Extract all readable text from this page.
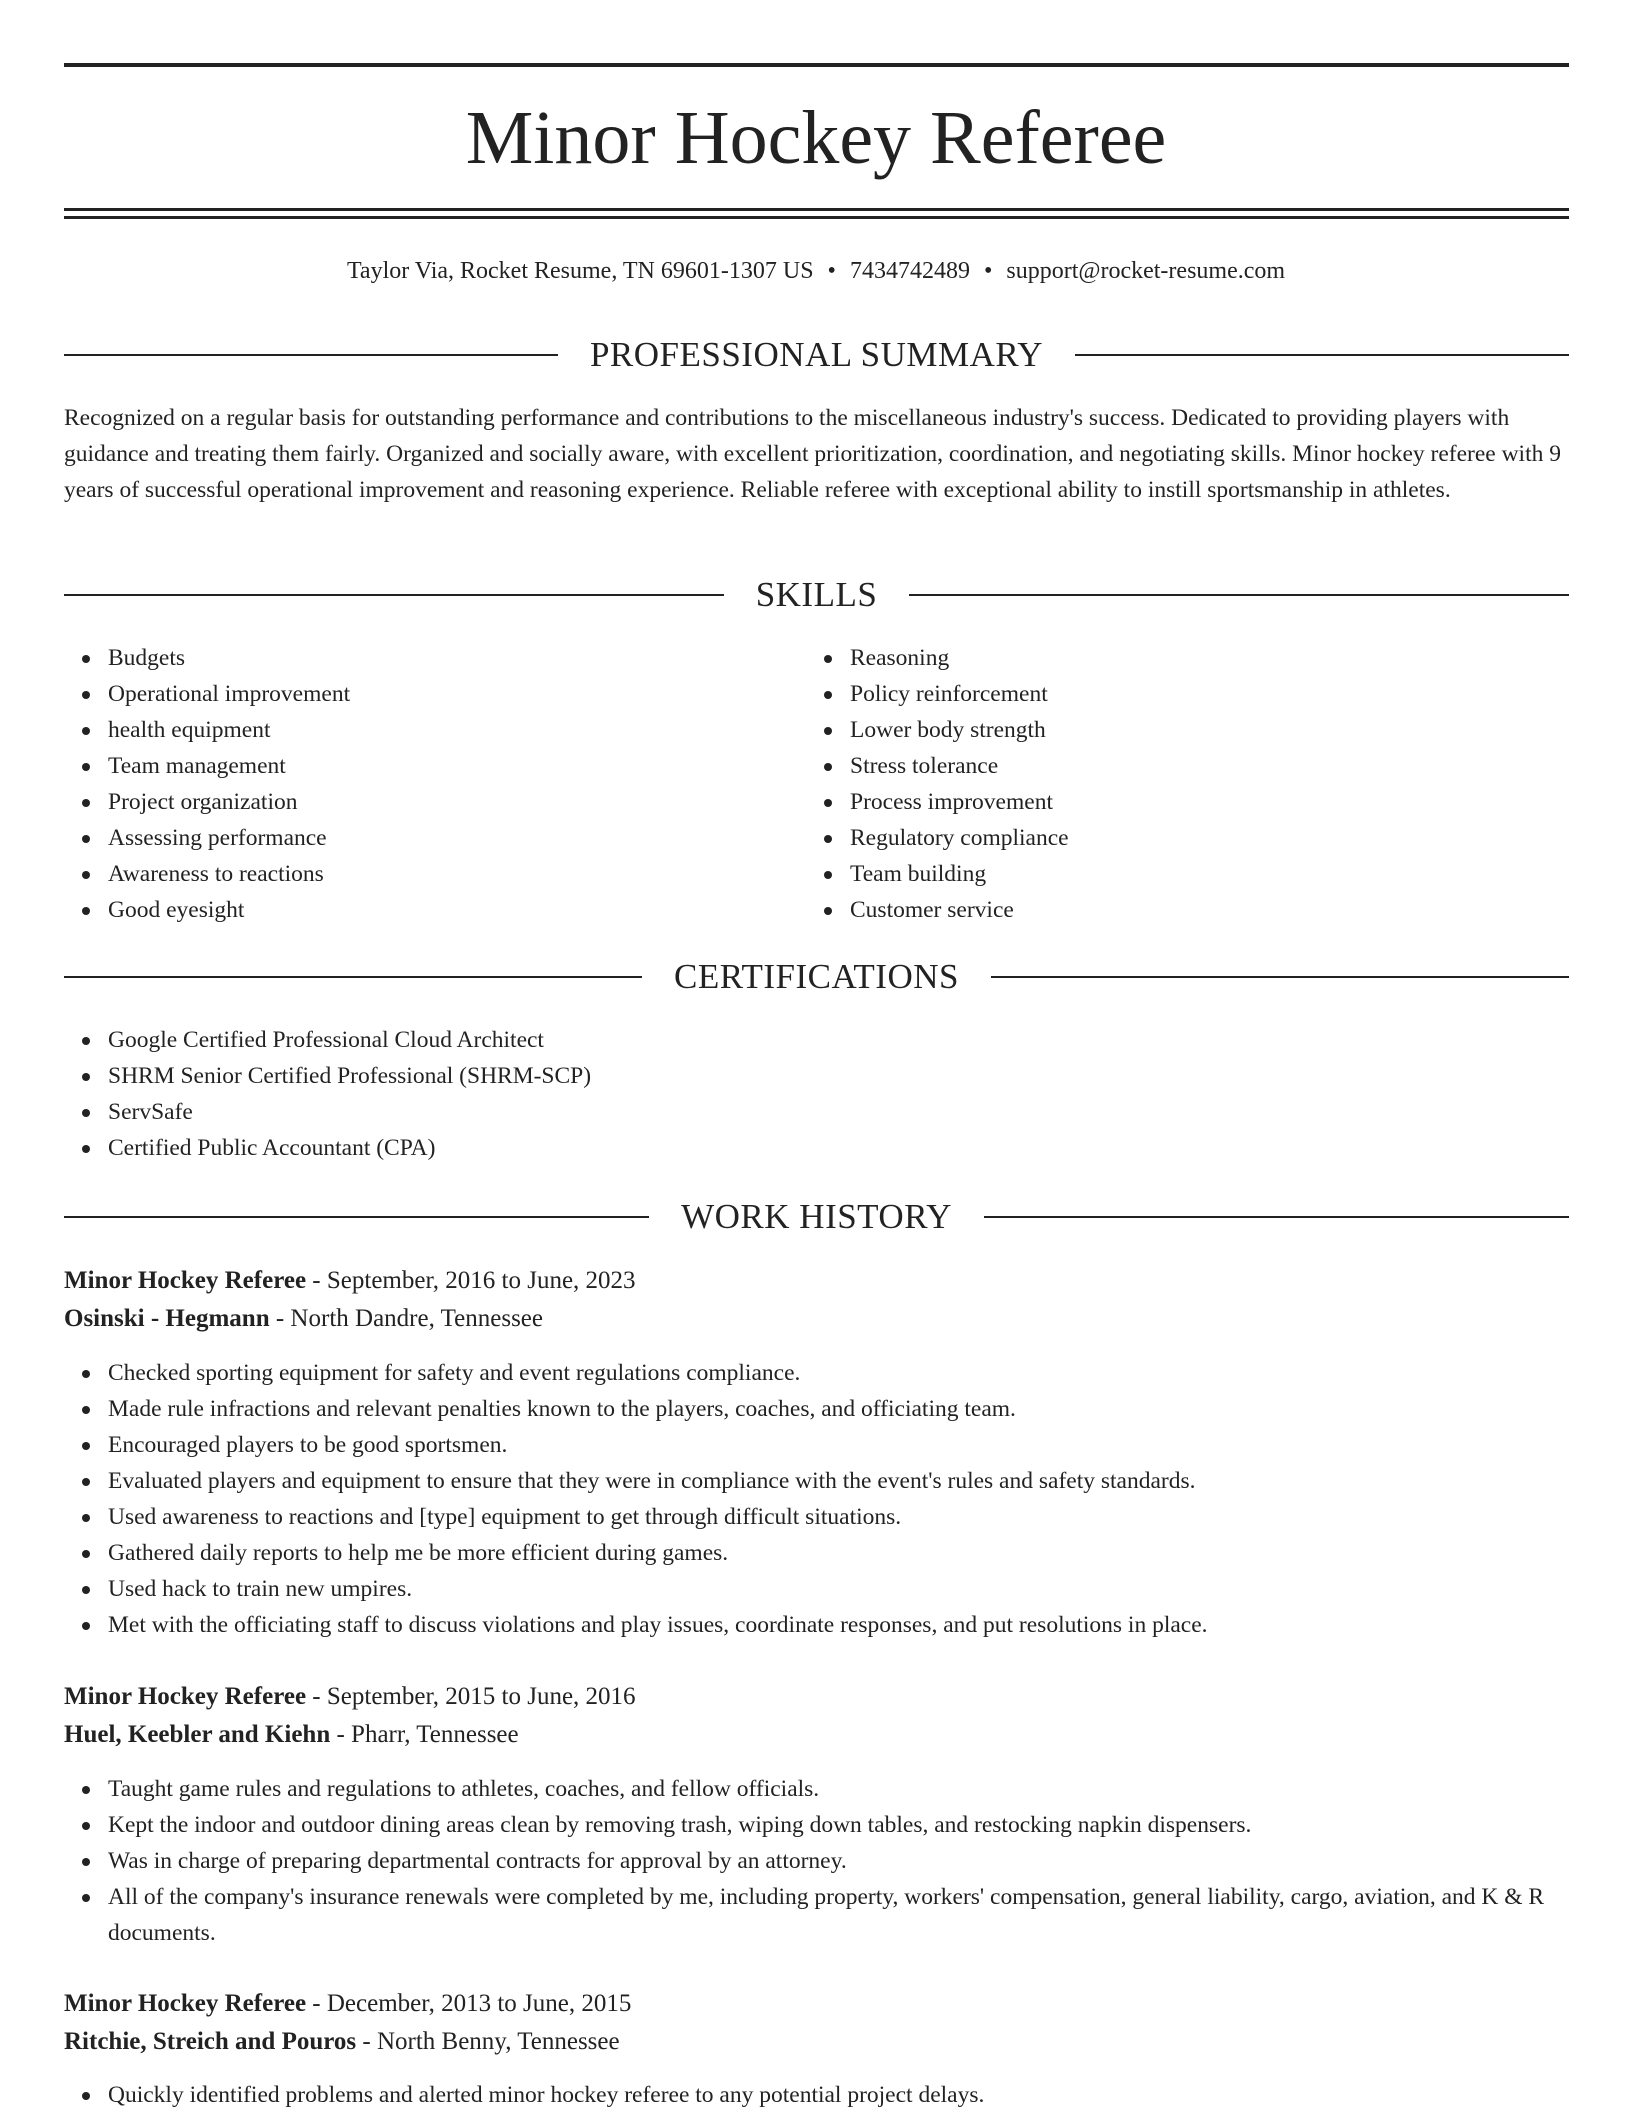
Minor Hockey Referee
Taylor Via, Rocket Resume, TN 69601-1307 US • 7434742489 • support@rocket-resume.com
PROFESSIONAL SUMMARY
Recognized on a regular basis for outstanding performance and contributions to the miscellaneous industry's success. Dedicated to providing players with guidance and treating them fairly. Organized and socially aware, with excellent prioritization, coordination, and negotiating skills. Minor hockey referee with 9 years of successful operational improvement and reasoning experience. Reliable referee with exceptional ability to instill sportsmanship in athletes.
SKILLS
Budgets
Operational improvement
health equipment
Team management
Project organization
Assessing performance
Awareness to reactions
Good eyesight
Reasoning
Policy reinforcement
Lower body strength
Stress tolerance
Process improvement
Regulatory compliance
Team building
Customer service
CERTIFICATIONS
Google Certified Professional Cloud Architect
SHRM Senior Certified Professional (SHRM-SCP)
ServSafe
Certified Public Accountant (CPA)
WORK HISTORY
Minor Hockey Referee - September, 2016 to June, 2023
Osinski - Hegmann - North Dandre, Tennessee
Checked sporting equipment for safety and event regulations compliance.
Made rule infractions and relevant penalties known to the players, coaches, and officiating team.
Encouraged players to be good sportsmen.
Evaluated players and equipment to ensure that they were in compliance with the event's rules and safety standards.
Used awareness to reactions and [type] equipment to get through difficult situations.
Gathered daily reports to help me be more efficient during games.
Used hack to train new umpires.
Met with the officiating staff to discuss violations and play issues, coordinate responses, and put resolutions in place.
Minor Hockey Referee - September, 2015 to June, 2016
Huel, Keebler and Kiehn - Pharr, Tennessee
Taught game rules and regulations to athletes, coaches, and fellow officials.
Kept the indoor and outdoor dining areas clean by removing trash, wiping down tables, and restocking napkin dispensers.
Was in charge of preparing departmental contracts for approval by an attorney.
All of the company's insurance renewals were completed by me, including property, workers' compensation, general liability, cargo, aviation, and K & R documents.
Minor Hockey Referee - December, 2013 to June, 2015
Ritchie, Streich and Pouros - North Benny, Tennessee
Quickly identified problems and alerted minor hockey referee to any potential project delays.
